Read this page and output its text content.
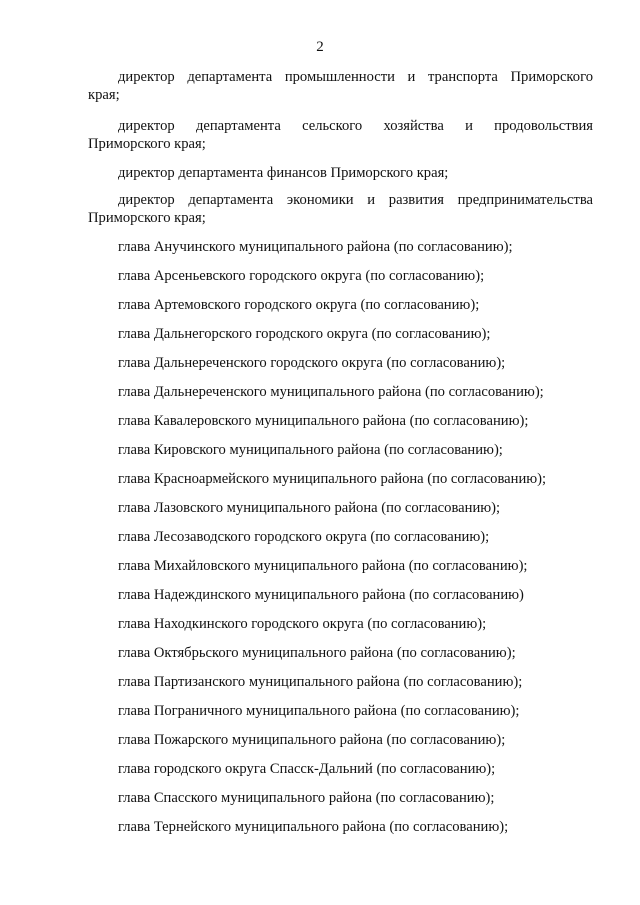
2
директор департамента промышленности и транспорта Приморского
края;
директор департамента сельского хозяйства и продовольствия
Приморского края;
директор департамента финансов Приморского края;
директор департамента экономики и развития предпринимательства
Приморского края;
глава Анучинского муниципального района (по согласованию);
глава Арсеньевского городского округа (по согласованию);
глава Артемовского городского округа (по согласованию);
глава Дальнегорского городского округа (по согласованию);
глава Дальнереченского городского округа (по согласованию);
глава Дальнереченского муниципального района (по согласованию);
глава Кавалеровского муниципального района (по согласованию);
глава Кировского муниципального района (по согласованию);
глава Красноармейского муниципального района (по согласованию);
глава Лазовского муниципального района (по согласованию);
глава Лесозаводского городского округа (по согласованию);
глава Михайловского муниципального района (по согласованию);
глава Надеждинского муниципального района (по согласованию)
глава Находкинского городского округа (по согласованию);
глава Октябрьского муниципального района (по согласованию);
глава Партизанского муниципального района (по согласованию);
глава Пограничного муниципального района (по согласованию);
глава Пожарского муниципального района (по согласованию);
глава городского округа Спасск-Дальний (по согласованию);
глава Спасского муниципального района (по согласованию);
глава Тернейского муниципального района (по согласованию);
